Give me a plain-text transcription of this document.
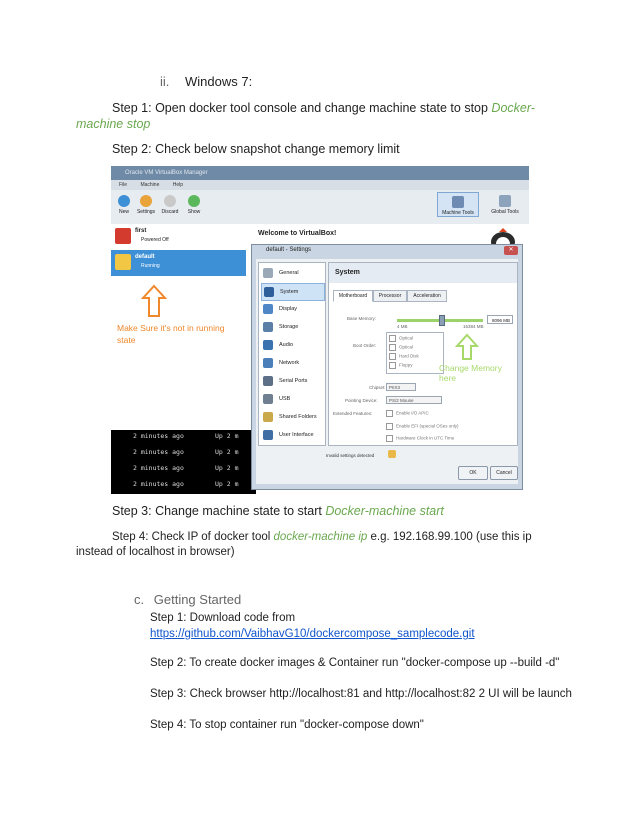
ii. Windows 7:
Step 1: Open docker tool console and change machine state to stop Docker-
machine stop
Step 2: Check below snapshot change memory limit
Oracle VM VirtualBox Manager
File	Machine	Help
New	Settings	Discard	Show	Machine Tools	Global Tools
first
Powered Off
default
Running
Make Sure it's not in running
state
Welcome to VirtualBox!
2 minutes ago	Up 2 m
2 minutes ago	Up 2 m
2 minutes ago	Up 2 m
2 minutes ago	Up 2 m
default - Settings	✕
General
System
Display
Storage
Audio
Network
Serial Ports
USB
Shared Folders
User Interface
System
Motherboard	Processor	Acceleration
Base Memory:	8096 MB
4 MB	16384 MB
Boot Order:
Optical
Optical
Hard Disk
Floppy	Change Memory here
Chipset: PIIX3
Pointing Device:	PS/2 Mouse
Extended Features:	Enable I/O APIC
Enable EFI (special OSes only)
Hardware Clock in UTC Time
Invalid settings detected
OK	Cancel
Step 3: Change machine state to start Docker-machine start
Step 4: Check IP of docker tool docker-machine ip e.g. 192.168.99.100 (use this ip
instead of localhost in browser)
c. Getting Started
Step 1: Download code from
https://github.com/VaibhavG10/dockercompose_samplecode.git
Step 2: To create docker images & Container run "docker-compose up --build -d"
Step 3: Check browser http://localhost:81 and http://localhost:82 2 UI will be launch
Step 4: To stop container run "docker-compose down"
